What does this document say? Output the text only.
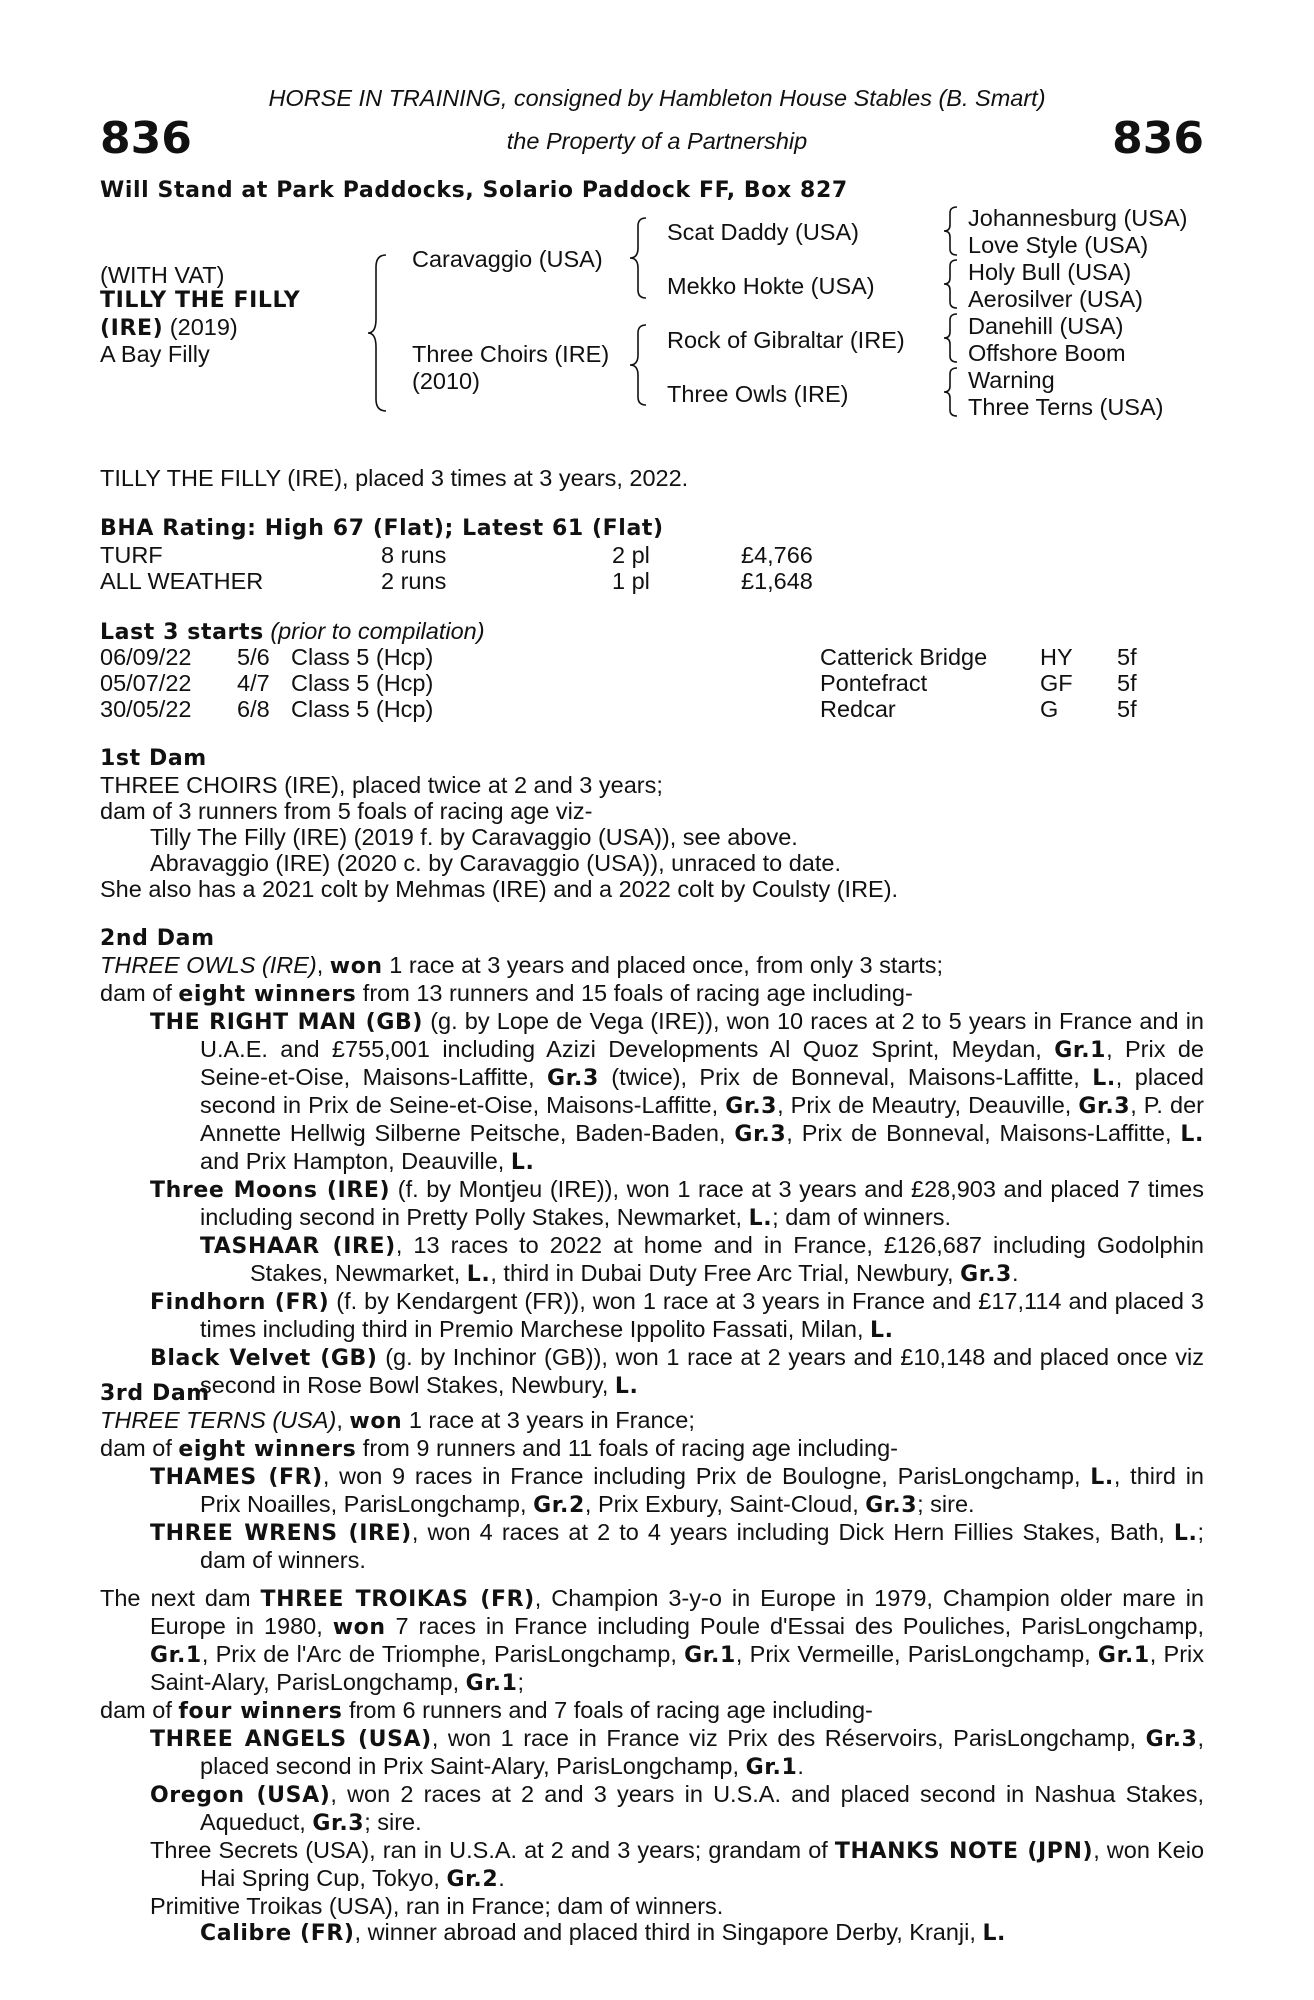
HORSE IN TRAINING, consigned by Hambleton House Stables (B. Smart)
836	the Property of a Partnership	836
Will Stand at Park Paddocks, Solario Paddock FF, Box 827
(WITH VAT)
TILLY THE FILLY
(IRE) (2019)
A Bay Filly
Caravaggio (USA)
Three Choirs (IRE)
(2010)
Scat Daddy (USA)
Mekko Hokte (USA)
Rock of Gibraltar (IRE)
Three Owls (IRE)
Johannesburg (USA)
Love Style (USA)
Holy Bull (USA)
Aerosilver (USA)
Danehill (USA)
Offshore Boom
Warning
Three Terns (USA)
TILLY THE FILLY (IRE), placed 3 times at 3 years, 2022.
BHA Rating: High 67 (Flat); Latest 61 (Flat)
TURF	8 runs	2 pl	£4,766
ALL WEATHER	2 runs	1 pl	£1,648
Last 3 starts (prior to compilation)
06/09/22 5/6 Class 5 (Hcp)	Catterick Bridge HY 5f
05/07/22 4/7 Class 5 (Hcp)	Pontefract	GF 5f
30/05/22 6/8 Class 5 (Hcp)	Redcar	G 5f
1st Dam
THREE CHOIRS (IRE), placed twice at 2 and 3 years;
dam of 3 runners from 5 foals of racing age viz-
Tilly The Filly (IRE) (2019 f. by Caravaggio (USA)), see above.
Abravaggio (IRE) (2020 c. by Caravaggio (USA)), unraced to date.
She also has a 2021 colt by Mehmas (IRE) and a 2022 colt by Coulsty (IRE).
2nd Dam
THREE OWLS (IRE), won 1 race at 3 years and placed once, from only 3 starts;
dam of eight winners from 13 runners and 15 foals of racing age including-
THE RIGHT MAN (GB) (g. by Lope de Vega (IRE)), won 10 races at 2 to 5 years in France and in U.A.E. and £755,001 including Azizi Developments Al Quoz Sprint, Meydan, Gr.1, Prix de Seine-et-Oise, Maisons-Laffitte, Gr.3 (twice), Prix de Bonneval, Maisons-Laffitte, L., placed second in Prix de Seine-et-Oise, Maisons-Laffitte, Gr.3, Prix de Meautry, Deauville, Gr.3, P. der Annette Hellwig Silberne Peitsche, Baden-Baden, Gr.3, Prix de Bonneval, Maisons-Laffitte, L. and Prix Hampton, Deauville, L.
Three Moons (IRE) (f. by Montjeu (IRE)), won 1 race at 3 years and £28,903 and placed 7 times including second in Pretty Polly Stakes, Newmarket, L.; dam of winners.
TASHAAR (IRE), 13 races to 2022 at home and in France, £126,687 including Godolphin Stakes, Newmarket, L., third in Dubai Duty Free Arc Trial, Newbury, Gr.3.
Findhorn (FR) (f. by Kendargent (FR)), won 1 race at 3 years in France and £17,114 and placed 3 times including third in Premio Marchese Ippolito Fassati, Milan, L.
Black Velvet (GB) (g. by Inchinor (GB)), won 1 race at 2 years and £10,148 and placed once viz second in Rose Bowl Stakes, Newbury, L.
3rd Dam
THREE TERNS (USA), won 1 race at 3 years in France;
dam of eight winners from 9 runners and 11 foals of racing age including-
THAMES (FR), won 9 races in France including Prix de Boulogne, ParisLongchamp, L., third in Prix Noailles, ParisLongchamp, Gr.2, Prix Exbury, Saint-Cloud, Gr.3; sire.
THREE WRENS (IRE), won 4 races at 2 to 4 years including Dick Hern Fillies Stakes, Bath, L.; dam of winners.
The next dam THREE TROIKAS (FR), Champion 3-y-o in Europe in 1979, Champion older mare in Europe in 1980, won 7 races in France including Poule d'Essai des Pouliches, ParisLongchamp, Gr.1, Prix de l'Arc de Triomphe, ParisLongchamp, Gr.1, Prix Vermeille, ParisLongchamp, Gr.1, Prix Saint-Alary, ParisLongchamp, Gr.1;
dam of four winners from 6 runners and 7 foals of racing age including-
THREE ANGELS (USA), won 1 race in France viz Prix des Réservoirs, ParisLongchamp, Gr.3, placed second in Prix Saint-Alary, ParisLongchamp, Gr.1.
Oregon (USA), won 2 races at 2 and 3 years in U.S.A. and placed second in Nashua Stakes, Aqueduct, Gr.3; sire.
Three Secrets (USA), ran in U.S.A. at 2 and 3 years; grandam of THANKS NOTE (JPN), won Keio Hai Spring Cup, Tokyo, Gr.2.
Primitive Troikas (USA), ran in France; dam of winners.
Calibre (FR), winner abroad and placed third in Singapore Derby, Kranji, L.
